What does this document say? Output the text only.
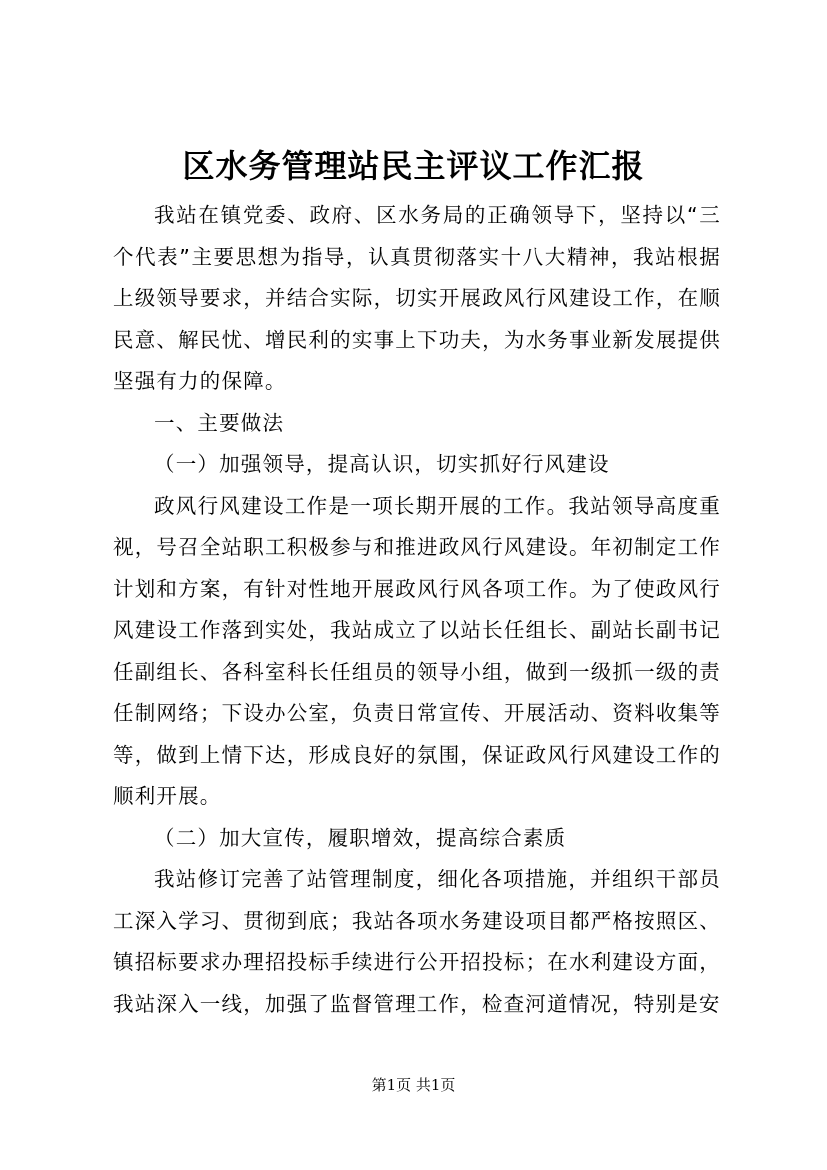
区水务管理站民主评议工作汇报

我站在镇党委、政府、区水务局的正确领导下，坚持以“三个代表”主要思想为指导，认真贯彻落实十八大精神，我站根据上级领导要求，并结合实际，切实开展政风行风建设工作，在顺民意、解民忧、增民利的实事上下功夫，为水务事业新发展提供坚强有力的保障。

一、主要做法

（一）加强领导，提高认识，切实抓好行风建设

政风行风建设工作是一项长期开展的工作。我站领导高度重视，号召全站职工积极参与和推进政风行风建设。年初制定工作计划和方案，有针对性地开展政风行风各项工作。为了使政风行风建设工作落到实处，我站成立了以站长任组长、副站长副书记任副组长、各科室科长任组员的领导小组，做到一级抓一级的责任制网络；下设办公室，负责日常宣传、开展活动、资料收集等等，做到上情下达，形成良好的氛围，保证政风行风建设工作的顺利开展。

（二）加大宣传，履职增效，提高综合素质

我站修订完善了站管理制度，细化各项措施，并组织干部员工深入学习、贯彻到底；我站各项水务建设项目都严格按照区、镇招标要求办理招投标手续进行公开招投标；在水利建设方面，我站深入一线，加强了监督管理工作，检查河道情况，特别是安

第1页 共1页
